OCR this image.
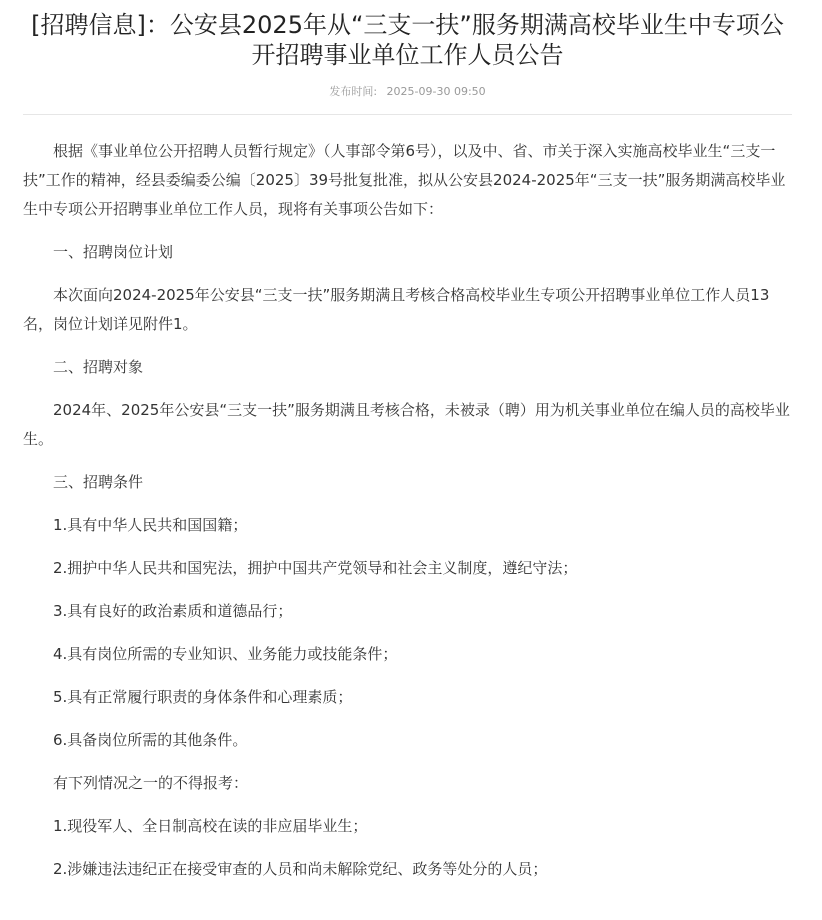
[招聘信息]：公安县2025年从“三支一扶”服务期满高校毕业生中专项公开招聘事业单位工作人员公告
发布时间: 2025-09-30 09:50

根据《事业单位公开招聘人员暂行规定》（人事部令第6号），以及中、省、市关于深入实施高校毕业生“三支一扶”工作的精神，经县委编委公编〔2025〕39号批复批准，拟从公安县2024-2025年“三支一扶”服务期满高校毕业生中专项公开招聘事业单位工作人员，现将有关事项公告如下：

一、招聘岗位计划

本次面向2024-2025年公安县“三支一扶”服务期满且考核合格高校毕业生专项公开招聘事业单位工作人员13名，岗位计划详见附件1。

二、招聘对象

2024年、2025年公安县“三支一扶”服务期满且考核合格，未被录（聘）用为机关事业单位在编人员的高校毕业生。

三、招聘条件

1.具有中华人民共和国国籍；

2.拥护中华人民共和国宪法，拥护中国共产党领导和社会主义制度，遵纪守法；

3.具有良好的政治素质和道德品行；

4.具有岗位所需的专业知识、业务能力或技能条件；

5.具有正常履行职责的身体条件和心理素质；

6.具备岗位所需的其他条件。

有下列情况之一的不得报考：

1.现役军人、全日制高校在读的非应届毕业生；

2.涉嫌违法违纪正在接受审查的人员和尚未解除党纪、政务等处分的人员；
